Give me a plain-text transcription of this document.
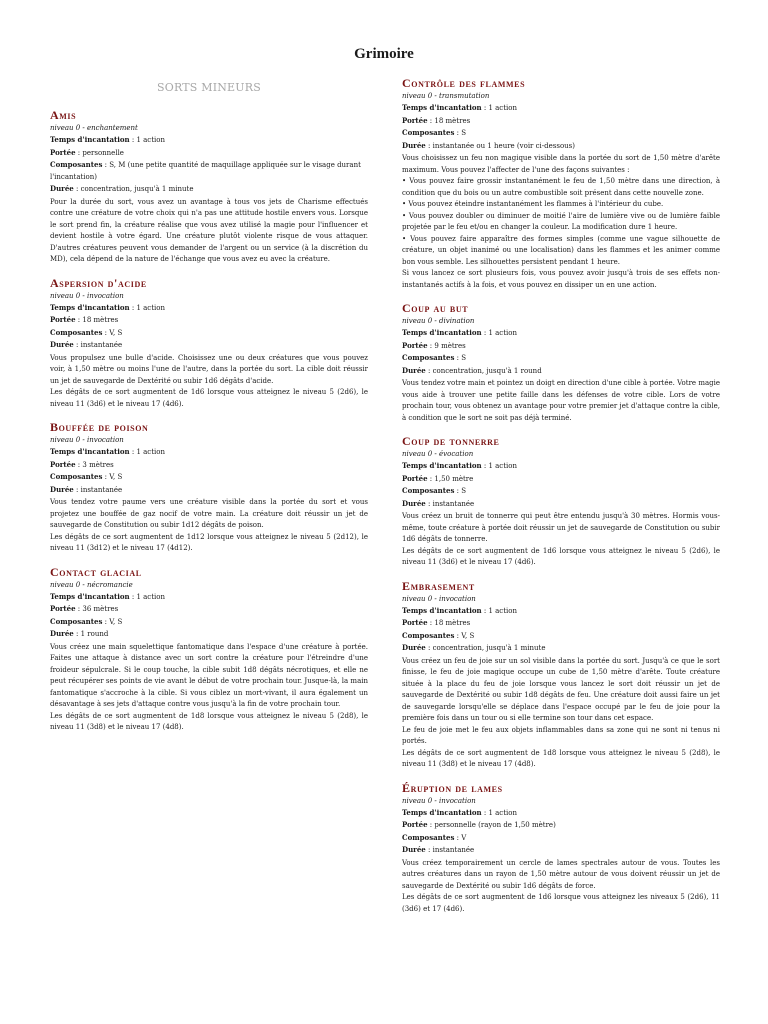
Grimoire
SORTS MINEURS
Amis
niveau 0 - enchantement
Temps d'incantation : 1 action
Portée : personnelle
Composantes : S, M (une petite quantité de maquillage appliquée sur le visage durant l'incantation)
Durée : concentration, jusqu'à 1 minute

Pour la durée du sort, vous avez un avantage à tous vos jets de Charisme effectués contre une créature de votre choix qui n'a pas une attitude hostile envers vous. Lorsque le sort prend fin, la créature réalise que vous avez utilisé la magie pour l'influencer et devient hostile à votre égard. Une créature plutôt violente risque de vous attaquer. D'autres créatures peuvent vous demander de l'argent ou un service (à la discrétion du MD), cela dépend de la nature de l'échange que vous avez eu avec la créature.

Aspersion d'acide
niveau 0 - invocation
Temps d'incantation : 1 action
Portée : 18 mètres
Composantes : V, S
Durée : instantanée

Vous propulsez une bulle d'acide. Choisissez une ou deux créatures que vous pouvez voir, à 1,50 mètre ou moins l'une de l'autre, dans la portée du sort. La cible doit réussir un jet de sauvegarde de Dextérité ou subir 1d6 dégâts d'acide.

Les dégâts de ce sort augmentent de 1d6 lorsque vous atteignez le niveau 5 (2d6), le niveau 11 (3d6) et le niveau 17 (4d6).

Bouffée de poison
niveau 0 - invocation
Temps d'incantation : 1 action
Portée : 3 mètres
Composantes : V, S
Durée : instantanée

Vous tendez votre paume vers une créature visible dans la portée du sort et vous projetez une bouffée de gaz nocif de votre main. La créature doit réussir un jet de sauvegarde de Constitution ou subir 1d12 dégâts de poison.

Les dégâts de ce sort augmentent de 1d12 lorsque vous atteignez le niveau 5 (2d12), le niveau 11 (3d12) et le niveau 17 (4d12).

Contact glacial
niveau 0 - nécromancie
Temps d'incantation : 1 action
Portée : 36 mètres
Composantes : V, S
Durée : 1 round

Vous créez une main squelettique fantomatique dans l'espace d'une créature à portée. Faites une attaque à distance avec un sort contre la créature pour l'étreindre d'une froideur sépulcrale. Si le coup touche, la cible subit 1d8 dégâts nécrotiques, et elle ne peut récupérer ses points de vie avant le début de votre prochain tour. Jusque-là, la main fantomatique s'accroche à la cible. Si vous ciblez un mort-vivant, il aura également un désavantage à ses jets d'attaque contre vous jusqu'à la fin de votre prochain tour.

Les dégâts de ce sort augmentent de 1d8 lorsque vous atteignez le niveau 5 (2d8), le niveau 11 (3d8) et le niveau 17 (4d8).

Contrôle des flammes
niveau 0 - transmutation
Temps d'incantation : 1 action
Portée : 18 mètres
Composantes : S
Durée : instantanée ou 1 heure (voir ci-dessous)

Vous choisissez un feu non magique visible dans la portée du sort de 1,50 mètre d'arête maximum. Vous pouvez l'affecter de l'une des façons suivantes :

• Vous pouvez faire grossir instantanément le feu de 1,50 mètre dans une direction, à condition que du bois ou un autre combustible soit présent dans cette nouvelle zone.

• Vous pouvez éteindre instantanément les flammes à l'intérieur du cube.

• Vous pouvez doubler ou diminuer de moitié l'aire de lumière vive ou de lumière faible projetée par le feu et/ou en changer la couleur. La modification dure 1 heure.

• Vous pouvez faire apparaître des formes simples (comme une vague silhouette de créature, un objet inanimé ou une localisation) dans les flammes et les animer comme bon vous semble. Les silhouettes persistent pendant 1 heure.

Si vous lancez ce sort plusieurs fois, vous pouvez avoir jusqu'à trois de ses effets non-instantanés actifs à la fois, et vous pouvez en dissiper un en une action.

Coup au but
niveau 0 - divination
Temps d'incantation : 1 action
Portée : 9 mètres
Composantes : S
Durée : concentration, jusqu'à 1 round

Vous tendez votre main et pointez un doigt en direction d'une cible à portée. Votre magie vous aide à trouver une petite faille dans les défenses de votre cible. Lors de votre prochain tour, vous obtenez un avantage pour votre premier jet d'attaque contre la cible, à condition que le sort ne soit pas déjà terminé.

Coup de tonnerre
niveau 0 - évocation
Temps d'incantation : 1 action
Portée : 1,50 mètre
Composantes : S
Durée : instantanée

Vous créez un bruit de tonnerre qui peut être entendu jusqu'à 30 mètres. Hormis vous-même, toute créature à portée doit réussir un jet de sauvegarde de Constitution ou subir 1d6 dégâts de tonnerre.

Les dégâts de ce sort augmentent de 1d6 lorsque vous atteignez le niveau 5 (2d6), le niveau 11 (3d6) et le niveau 17 (4d6).

Embrasement
niveau 0 - invocation
Temps d'incantation : 1 action
Portée : 18 mètres
Composantes : V, S
Durée : concentration, jusqu'à 1 minute

Vous créez un feu de joie sur un sol visible dans la portée du sort. Jusqu'à ce que le sort finisse, le feu de joie magique occupe un cube de 1,50 mètre d'arête. Toute créature située à la place du feu de joie lorsque vous lancez le sort doit réussir un jet de sauvegarde de Dextérité ou subir 1d8 dégâts de feu. Une créature doit aussi faire un jet de sauvegarde lorsqu'elle se déplace dans l'espace occupé par le feu de joie pour la première fois dans un tour ou si elle termine son tour dans cet espace.

Le feu de joie met le feu aux objets inflammables dans sa zone qui ne sont ni tenus ni portés.

Les dégâts de ce sort augmentent de 1d8 lorsque vous atteignez le niveau 5 (2d8), le niveau 11 (3d8) et le niveau 17 (4d8).

Éruption de lames
niveau 0 - invocation
Temps d'incantation : 1 action
Portée : personnelle (rayon de 1,50 mètre)
Composantes : V
Durée : instantanée

Vous créez temporairement un cercle de lames spectrales autour de vous. Toutes les autres créatures dans un rayon de 1,50 mètre autour de vous doivent réussir un jet de sauvegarde de Dextérité ou subir 1d6 dégâts de force.

Les dégâts de ce sort augmentent de 1d6 lorsque vous atteignez les niveaux 5 (2d6), 11 (3d6) et 17 (4d6).
